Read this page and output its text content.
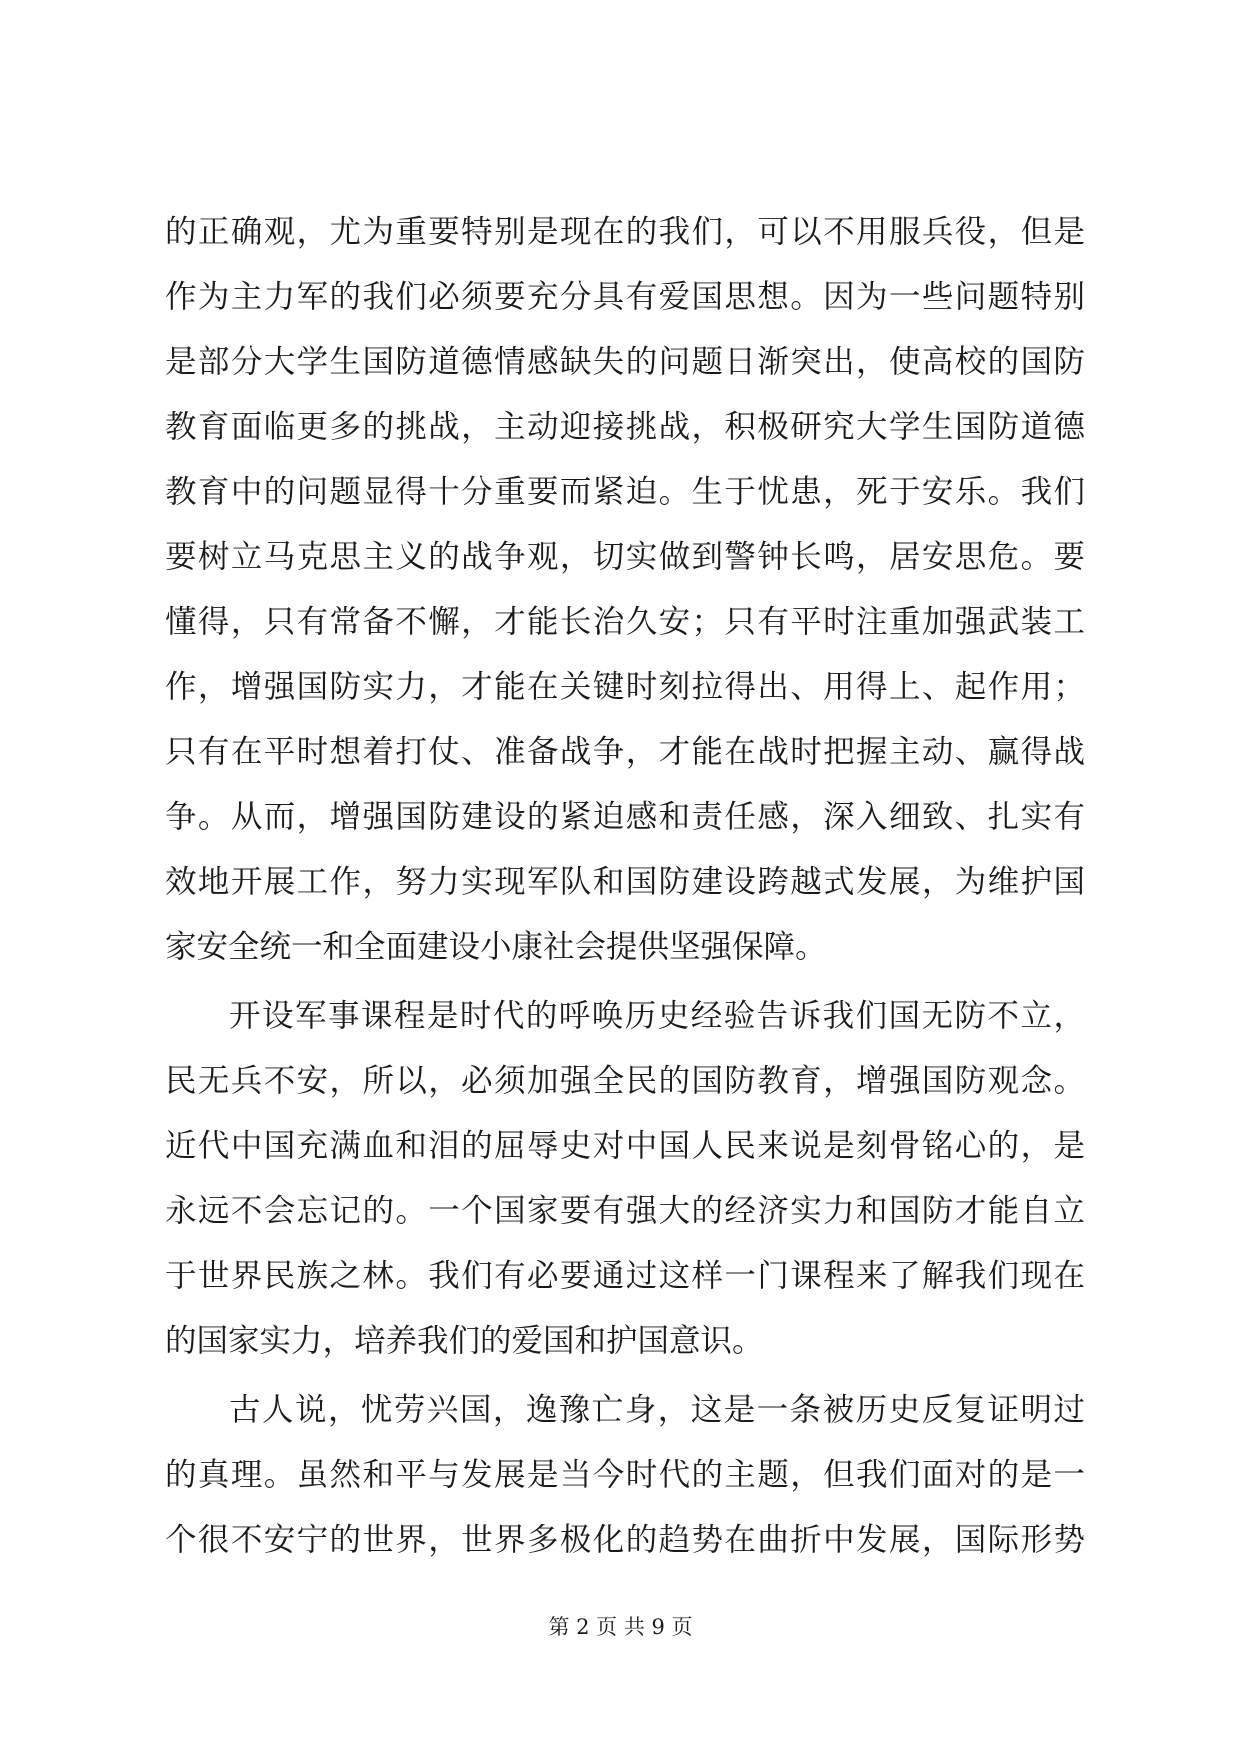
的正确观，尤为重要特别是现在的我们，可以不用服兵役，但是
作为主力军的我们必须要充分具有爱国思想。因为一些问题特别
是部分大学生国防道德情感缺失的问题日渐突出，使高校的国防
教育面临更多的挑战，主动迎接挑战，积极研究大学生国防道德
教育中的问题显得十分重要而紧迫。生于忧患，死于安乐。我们
要树立马克思主义的战争观，切实做到警钟长鸣，居安思危。要
懂得，只有常备不懈，才能长治久安；只有平时注重加强武装工
作，增强国防实力，才能在关键时刻拉得出、用得上、起作用；
只有在平时想着打仗、准备战争，才能在战时把握主动、赢得战
争。从而，增强国防建设的紧迫感和责任感，深入细致、扎实有
效地开展工作，努力实现军队和国防建设跨越式发展，为维护国
家安全统一和全面建设小康社会提供坚强保障。
开设军事课程是时代的呼唤历史经验告诉我们国无防不立，
民无兵不安，所以，必须加强全民的国防教育，增强国防观念。
近代中国充满血和泪的屈辱史对中国人民来说是刻骨铭心的，是
永远不会忘记的。一个国家要有强大的经济实力和国防才能自立
于世界民族之林。我们有必要通过这样一门课程来了解我们现在
的国家实力，培养我们的爱国和护国意识。
古人说，忧劳兴国，逸豫亡身，这是一条被历史反复证明过
的真理。虽然和平与发展是当今时代的主题，但我们面对的是一
个很不安宁的世界，世界多极化的趋势在曲折中发展，国际形势
第 2 页 共 9 页
